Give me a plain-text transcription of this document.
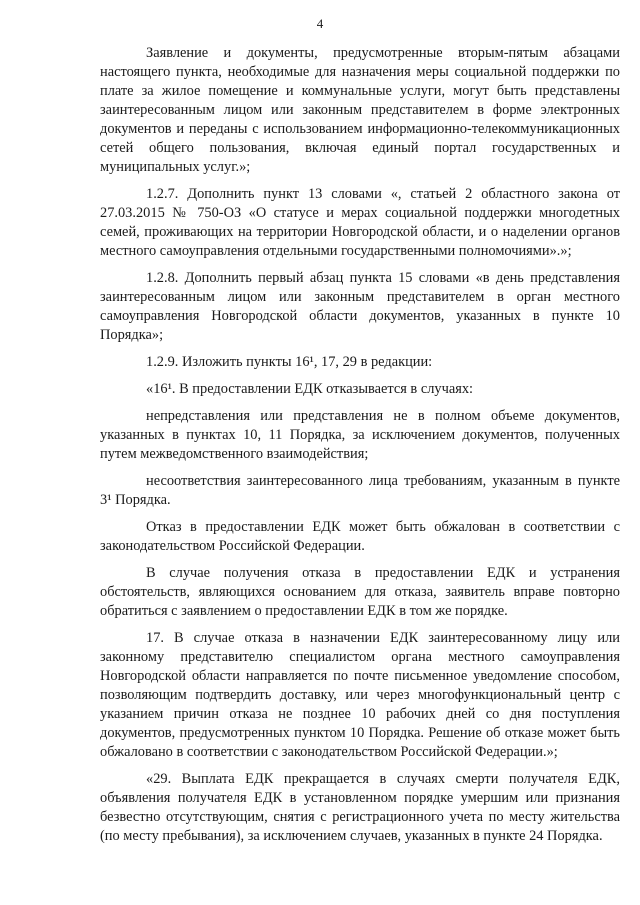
4

Заявление и документы, предусмотренные вторым-пятым абзацами настоящего пункта, необходимые для назначения меры социальной поддержки по плате за жилое помещение и коммунальные услуги, могут быть представлены заинтересованным лицом или законным представителем в форме электронных документов и переданы с использованием информационно-телекоммуникационных сетей общего пользования, включая единый портал государственных и муниципальных услуг.»;

1.2.7. Дополнить пункт 13 словами «, статьей 2 областного закона от 27.03.2015 № 750-ОЗ «О статусе и мерах социальной поддержки многодетных семей, проживающих на территории Новгородской области, и о наделении органов местного самоуправления отдельными государственными полномочиями».»;

1.2.8. Дополнить первый абзац пункта 15 словами «в день представления заинтересованным лицом или законным представителем в орган местного самоуправления Новгородской области документов, указанных в пункте 10 Порядка»;

1.2.9. Изложить пункты 16¹, 17, 29 в редакции:

«16¹. В предоставлении ЕДК отказывается в случаях:

непредставления или представления не в полном объеме документов, указанных в пунктах 10, 11 Порядка, за исключением документов, полученных путем межведомственного взаимодействия;

несоответствия заинтересованного лица требованиям, указанным в пункте 3¹ Порядка.

Отказ в предоставлении ЕДК может быть обжалован в соответствии с законодательством Российской Федерации.

В случае получения отказа в предоставлении ЕДК и устранения обстоятельств, являющихся основанием для отказа, заявитель вправе повторно обратиться с заявлением о предоставлении ЕДК в том же порядке.

17. В случае отказа в назначении ЕДК заинтересованному лицу или законному представителю специалистом органа местного самоуправления Новгородской области направляется по почте письменное уведомление способом, позволяющим подтвердить доставку, или через многофункциональный центр с указанием причин отказа не позднее 10 рабочих дней со дня поступления документов, предусмотренных пунктом 10 Порядка. Решение об отказе может быть обжаловано в соответствии с законодательством Российской Федерации.»;

«29. Выплата ЕДК прекращается в случаях смерти получателя ЕДК, объявления получателя ЕДК в установленном порядке умершим или признания безвестно отсутствующим, снятия с регистрационного учета по месту жительства (по месту пребывания), за исключением случаев, указанных в пункте 24 Порядка.
